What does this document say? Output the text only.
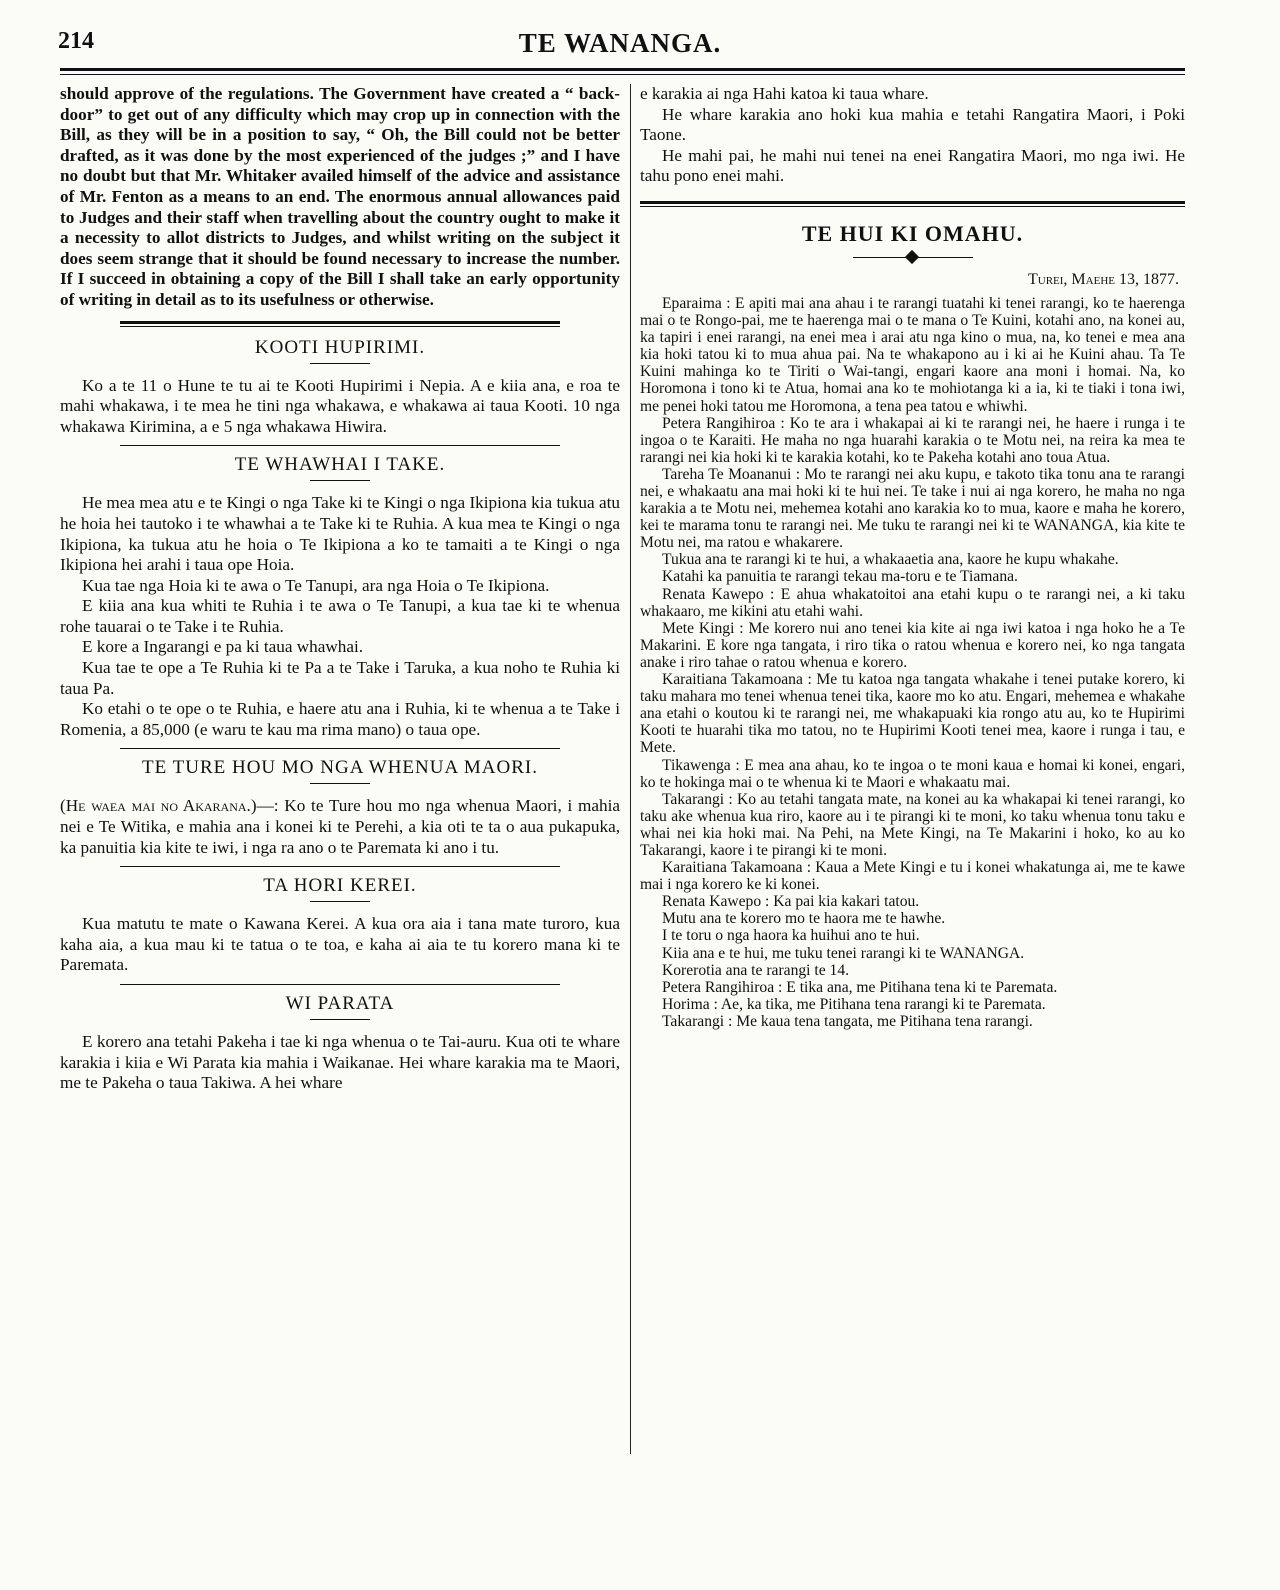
214	TE WANANGA.

should approve of the regulations. The Government have created a “ back-door” to get out of any difficulty which may crop up in connection with the Bill, as they will be in a position to say, “ Oh, the Bill could not be better drafted, as it was done by the most experienced of the judges ;” and I have no doubt but that Mr. Whitaker availed himself of the advice and assistance of Mr. Fenton as a means to an end. The enormous annual allowances paid to Judges and their staff when travelling about the country ought to make it a necessity to allot districts to Judges, and whilst writing on the subject it does seem strange that it should be found necessary to increase the number. If I succeed in obtaining a copy of the Bill I shall take an early opportunity of writing in detail as to its usefulness or otherwise.

KOOTI HUPIRIMI.

Ko a te 11 o Hune te tu ai te Kooti Hupirimi i Nepia. A e kiia ana, e roa te mahi whakawa, i te mea he tini nga whakawa, e whakawa ai taua Kooti. 10 nga whakawa Kirimina, a e 5 nga whakawa Hiwira.

TE WHAWHAI I TAKE.

He mea mea atu e te Kingi o nga Take ki te Kingi o nga Ikipiona kia tukua atu he hoia hei tautoko i te whawhai a te Take ki te Ruhia. A kua mea te Kingi o nga Ikipiona, ka tukua atu he hoia o Te Ikipiona a ko te tamaiti a te Kingi o nga Ikipiona hei arahi i taua ope Hoia.

Kua tae nga Hoia ki te awa o Te Tanupi, ara nga Hoia o Te Ikipiona.

E kiia ana kua whiti te Ruhia i te awa o Te Tanupi, a kua tae ki te whenua rohe tauarai o te Take i te Ruhia.

E kore a Ingarangi e pa ki taua whawhai.

Kua tae te ope a Te Ruhia ki te Pa a te Take i Taruka, a kua noho te Ruhia ki taua Pa.

Ko etahi o te ope o te Ruhia, e haere atu ana i Ruhia, ki te whenua a te Take i Romenia, a 85,000 (e waru te kau ma rima mano) o taua ope.

TE TURE HOU MO NGA WHENUA MAORI.

(He waea mai no Akarana.)—: Ko te Ture hou mo nga whenua Maori, i mahia nei e Te Witika, e mahia ana i konei ki te Perehi, a kia oti te ta o aua pukapuka, ka panuitia kia kite te iwi, i nga ra ano o te Paremata ki ano i tu.

TA HORI KEREI.

Kua matutu te mate o Kawana Kerei. A kua ora aia i tana mate turoro, kua kaha aia, a kua mau ki te tatua o te toa, e kaha ai aia te tu korero mana ki te Paremata.

WI PARATA

E korero ana tetahi Pakeha i tae ki nga whenua o te Tai-auru. Kua oti te whare karakia i kiia e Wi Parata kia mahia i Waikanae. Hei whare karakia ma te Maori, me te Pakeha o taua Takiwa. A hei whare

e karakia ai nga Hahi katoa ki taua whare.

He whare karakia ano hoki kua mahia e tetahi Rangatira Maori, i Poki Taone.

He mahi pai, he mahi nui tenei na enei Rangatira Maori, mo nga iwi. He tahu pono enei mahi.

TE HUI KI OMAHU.
Turei, Maehe 13, 1877.

Eparaima : E apiti mai ana ahau i te rarangi tuatahi ki tenei rarangi, ko te haerenga mai o te Rongo-pai, me te haerenga mai o te mana o Te Kuini, kotahi ano, na konei au, ka tapiri i enei rarangi, na enei mea i arai atu nga kino o mua, na, ko tenei e mea ana kia hoki tatou ki to mua ahua pai. Na te whakapono au i ki ai he Kuini ahau. Ta Te Kuini mahinga ko te Tiriti o Wai-tangi, engari kaore ana moni i homai. Na, ko Horomona i tono ki te Atua, homai ana ko te mohiotanga ki a ia, ki te tiaki i tona iwi, me penei hoki tatou me Horomona, a tena pea tatou e whiwhi.

Petera Rangihiroa : Ko te ara i whakapai ai ki te rarangi nei, he haere i runga i te ingoa o te Karaiti. He maha no nga huarahi karakia o te Motu nei, na reira ka mea te rarangi nei kia hoki ki te karakia kotahi, ko te Pakeha kotahi ano toua Atua.

Tareha Te Moananui : Mo te rarangi nei aku kupu, e takoto tika tonu ana te rarangi nei, e whakaatu ana mai hoki ki te hui nei. Te take i nui ai nga korero, he maha no nga karakia a te Motu nei, mehemea kotahi ano karakia ko to mua, kaore e maha he korero, kei te marama tonu te rarangi nei. Me tuku te rarangi nei ki te WANANGA, kia kite te Motu nei, ma ratou e whakarere.

Tukua ana te rarangi ki te hui, a whakaaetia ana, kaore he kupu whakahe.

Katahi ka panuitia te rarangi tekau ma-toru e te Tiamana.

Renata Kawepo : E ahua whakatoitoi ana etahi kupu o te rarangi nei, a ki taku whakaaro, me kikini atu etahi wahi.

Mete Kingi : Me korero nui ano tenei kia kite ai nga iwi katoa i nga hoko he a Te Makarini. E kore nga tangata, i riro tika o ratou whenua e korero nei, ko nga tangata anake i riro tahae o ratou whenua e korero.

Karaitiana Takamoana : Me tu katoa nga tangata whakahe i tenei putake korero, ki taku mahara mo tenei whenua tenei tika, kaore mo ko atu. Engari, mehemea e whakahe ana etahi o koutou ki te rarangi nei, me whakapuaki kia rongo atu au, ko te Hupirimi Kooti te huarahi tika mo tatou, no te Hupirimi Kooti tenei mea, kaore i runga i tau, e Mete.

Tikawenga : E mea ana ahau, ko te ingoa o te moni kaua e homai ki konei, engari, ko te hokinga mai o te whenua ki te Maori e whakaatu mai.

Takarangi : Ko au tetahi tangata mate, na konei au ka whakapai ki tenei rarangi, ko taku ake whenua kua riro, kaore au i te pirangi ki te moni, ko taku whenua tonu taku e whai nei kia hoki mai. Na Pehi, na Mete Kingi, na Te Makarini i hoko, ko au ko Takarangi, kaore i te pirangi ki te moni.

Karaitiana Takamoana : Kaua a Mete Kingi e tu i konei whakatunga ai, me te kawe mai i nga korero ke ki konei.

Renata Kawepo : Ka pai kia kakari tatou.

Mutu ana te korero mo te haora me te hawhe.

I te toru o nga haora ka huihui ano te hui.

Kiia ana e te hui, me tuku tenei rarangi ki te WANANGA.

Korerotia ana te rarangi te 14.

Petera Rangihiroa : E tika ana, me Pitihana tena ki te Paremata.

Horima : Ae, ka tika, me Pitihana tena rarangi ki te Paremata.

Takarangi : Me kaua tena tangata, me Pitihana tena rarangi.
